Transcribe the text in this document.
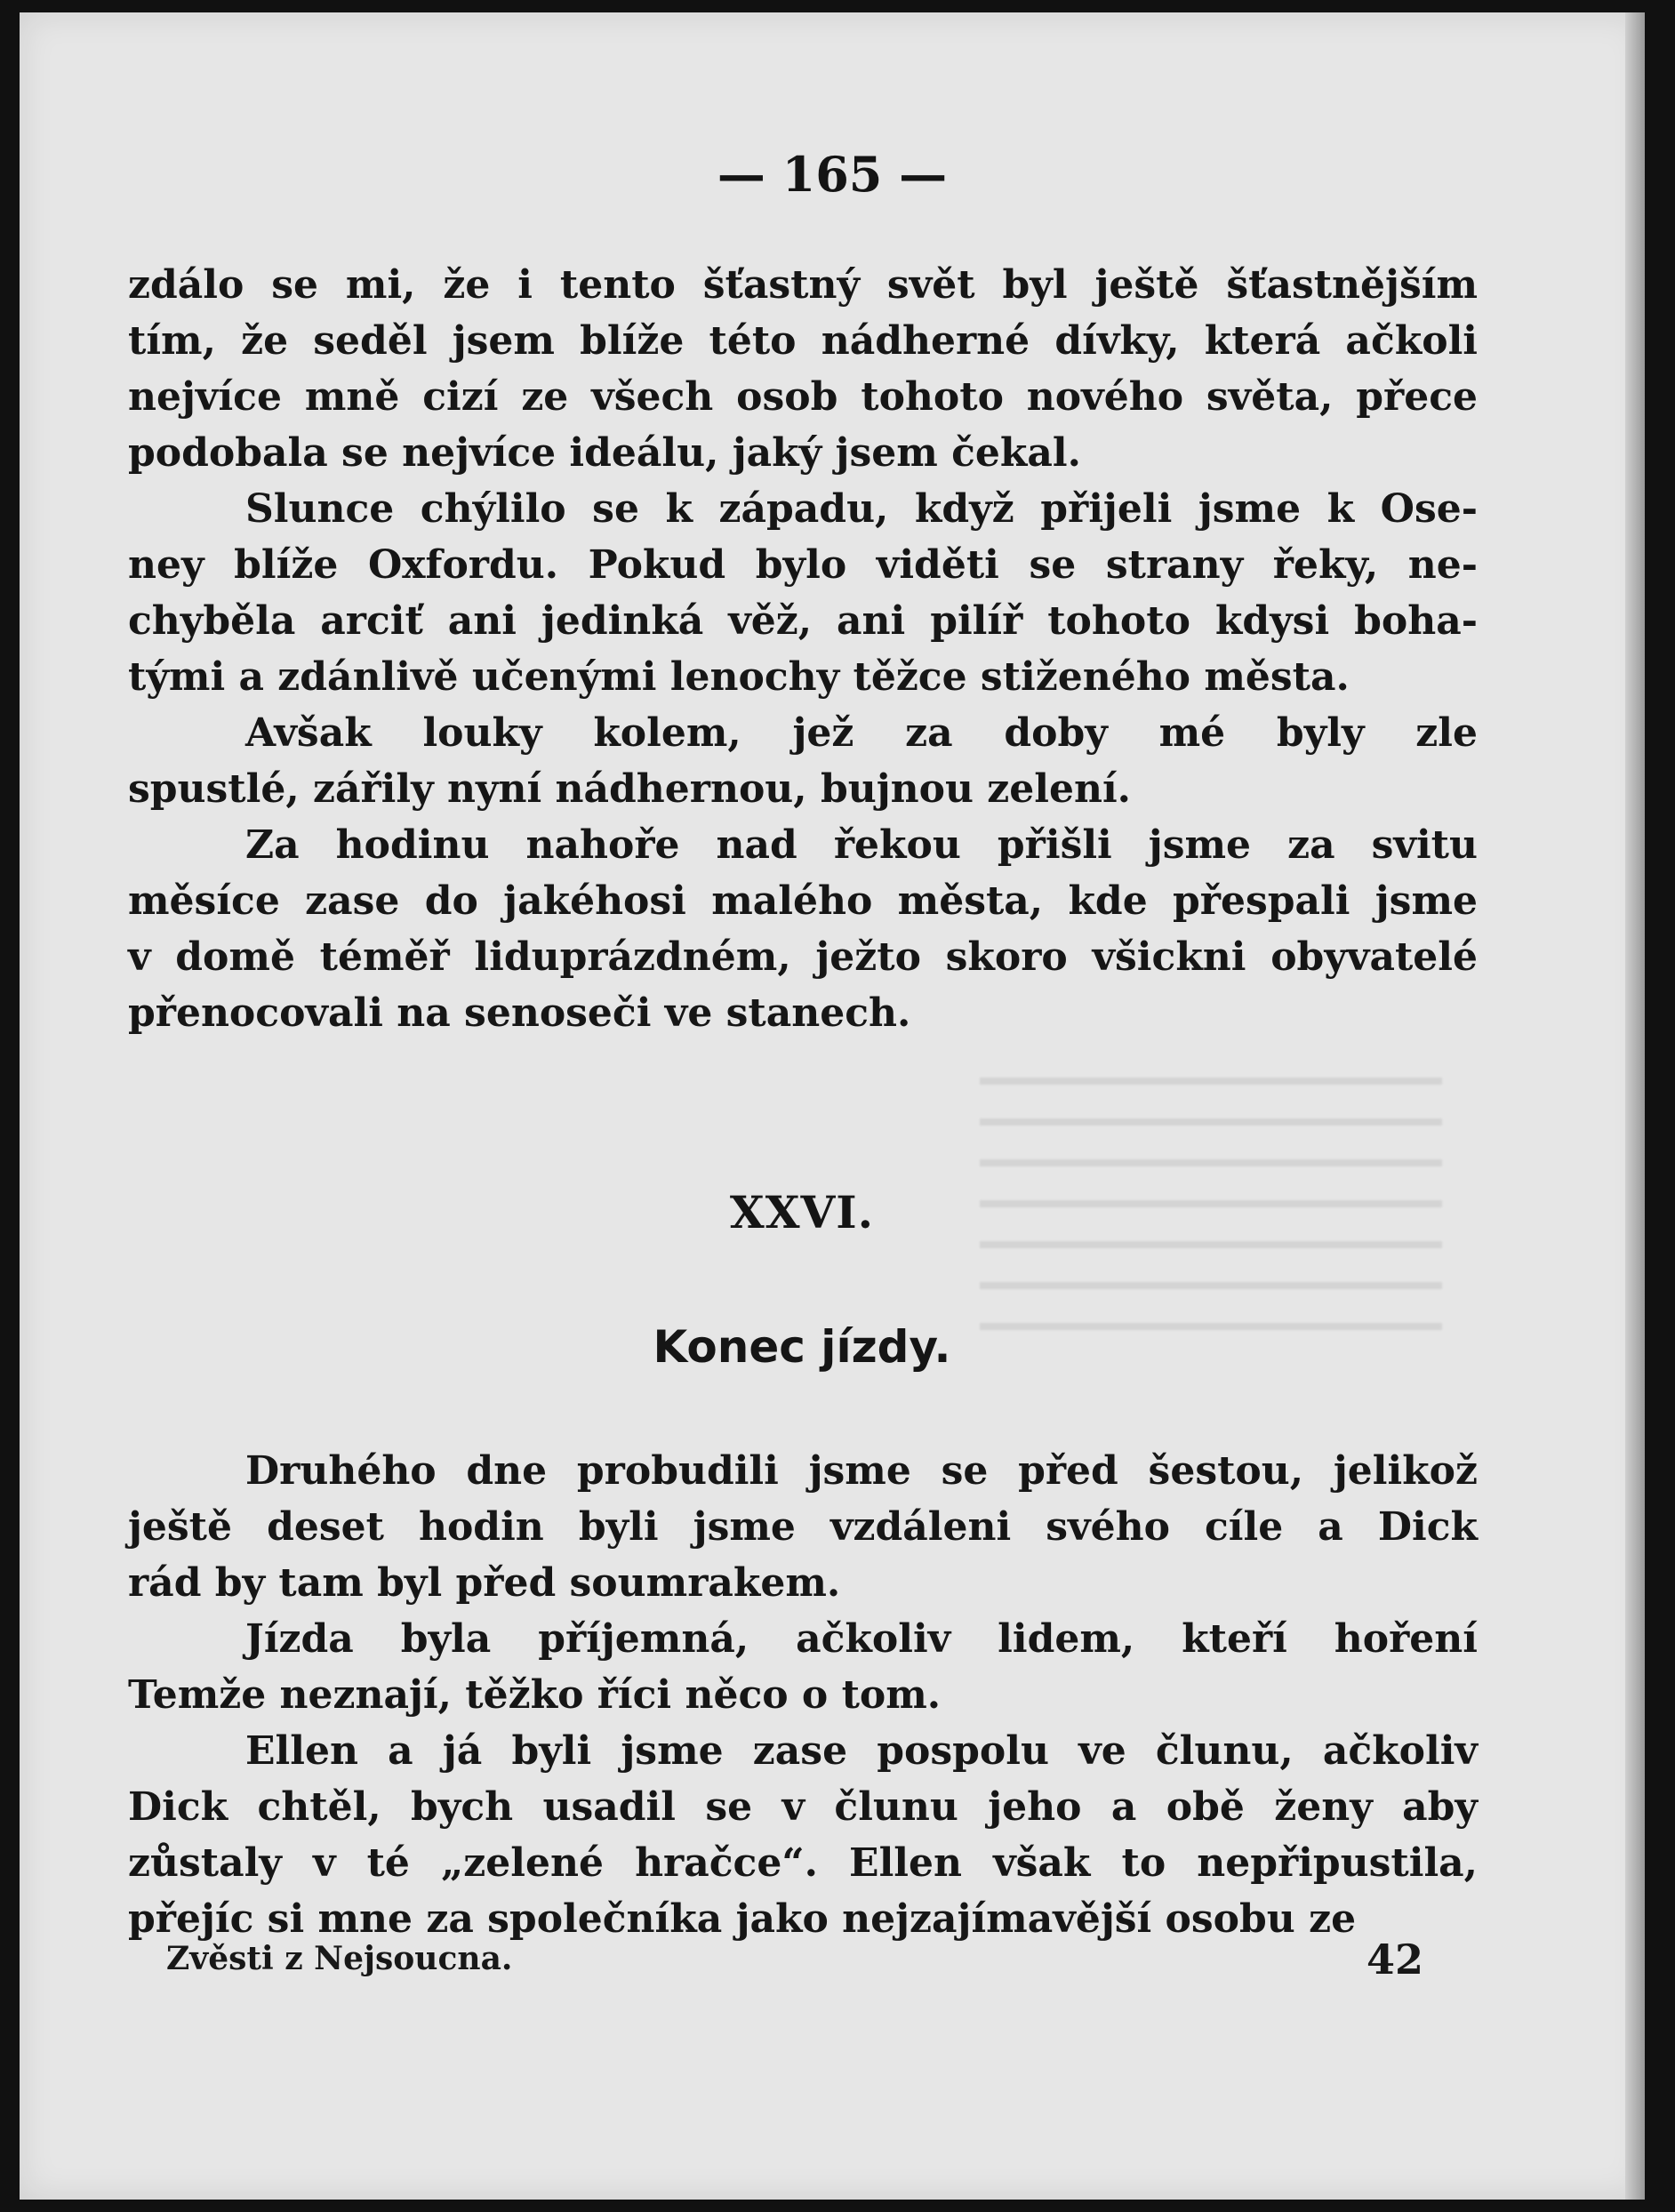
— 165 —
zdálo se mi, že i tento šťastný svět byl ještě šťastnějším
tím, že seděl jsem blíže této nádherné dívky, která ačkoli
nejvíce mně cizí ze všech osob tohoto nového světa, přece
podobala se nejvíce ideálu, jaký jsem čekal.
Slunce chýlilo se k západu, když přijeli jsme k Ose-
ney blíže Oxfordu. Pokud bylo viděti se strany řeky, ne-
chyběla arciť ani jedinká věž, ani pilíř tohoto kdysi boha-
tými a zdánlivě učenými lenochy těžce stiženého města.
Avšak louky kolem, jež za doby mé byly zle
spustlé, zářily nyní nádhernou, bujnou zelení.
Za hodinu nahoře nad řekou přišli jsme za svitu
měsíce zase do jakéhosi malého města, kde přespali jsme
v domě téměř liduprázdném, ježto skoro všickni obyvatelé
přenocovali na senoseči ve stanech.
XXVI.
Konec jízdy.
Druhého dne probudili jsme se před šestou, jelikož
ještě deset hodin byli jsme vzdáleni svého cíle a Dick
rád by tam byl před soumrakem.
Jízda byla příjemná, ačkoliv lidem, kteří hoření
Temže neznají, těžko říci něco o tom.
Ellen a já byli jsme zase pospolu ve člunu, ačkoliv
Dick chtěl, bych usadil se v člunu jeho a obě ženy aby
zůstaly v té „zelené hračce“. Ellen však to nepřipustila,
přejíc si mne za společníka jako nejzajímavější osobu ze
Zvěsti z Nejsoucna.	42
